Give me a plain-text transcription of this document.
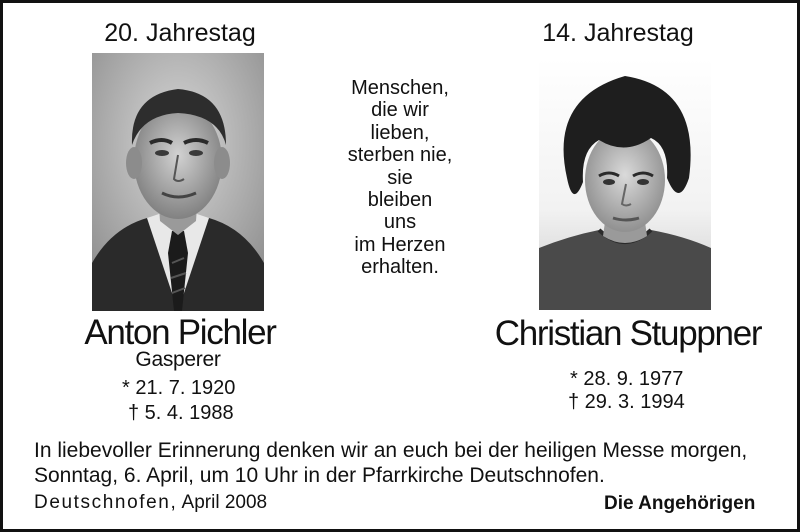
20. Jahrestag
Anton Pichler
Gasperer
* 21. 7. 1920
† 5. 4. 1988
Menschen,
die wir
lieben,
sterben nie,
sie
bleiben
uns
im Herzen
erhalten.
14. Jahrestag
Christian Stuppner
* 28. 9. 1977
† 29. 3. 1994
In liebevoller Erinnerung denken wir an euch bei der heiligen Messe morgen,
Sonntag, 6. April, um 10 Uhr in der Pfarrkirche Deutschnofen.
Deutschnofen, April 2008	Die Angehörigen
